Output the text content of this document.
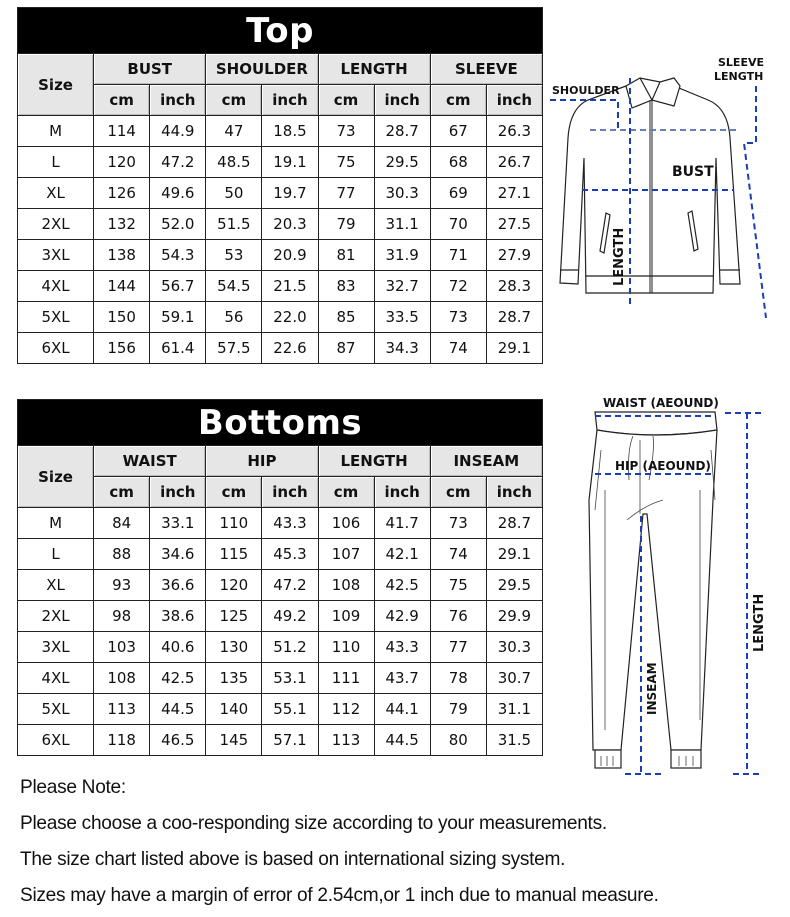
Top								
Size	BUST		SHOULDER		LENGTH		SLEEVE	
	cm	inch	cm	inch	cm	inch	cm	inch
M	114	44.9	47	18.5	73	28.7	67	26.3
L	120	47.2	48.5	19.1	75	29.5	68	26.7
XL	126	49.6	50	19.7	77	30.3	69	27.1
2XL	132	52.0	51.5	20.3	79	31.1	70	27.5
3XL	138	54.3	53	20.9	81	31.9	71	27.9
4XL	144	56.7	54.5	21.5	83	32.7	72	28.3
5XL	150	59.1	56	22.0	85	33.5	73	28.7
6XL	156	61.4	57.5	22.6	87	34.3	74	29.1
SHOULDER
SLEEVE
LENGTH
BUST
LENGTH
Bottoms								
Size	WAIST		HIP		LENGTH		INSEAM	
	cm	inch	cm	inch	cm	inch	cm	inch
M	84	33.1	110	43.3	106	41.7	73	28.7
L	88	34.6	115	45.3	107	42.1	74	29.1
XL	93	36.6	120	47.2	108	42.5	75	29.5
2XL	98	38.6	125	49.2	109	42.9	76	29.9
3XL	103	40.6	130	51.2	110	43.3	77	30.3
4XL	108	42.5	135	53.1	111	43.7	78	30.7
5XL	113	44.5	140	55.1	112	44.1	79	31.1
6XL	118	46.5	145	57.1	113	44.5	80	31.5
WAIST (AEOUND)
HIP (AEOUND)
LENGTH
INSEAM

Please Note:

Please choose a coo-responding size according to your measurements.

The size chart listed above is based on international sizing system.

Sizes may have a margin of error of 2.54cm,or 1 inch due to manual measure.
